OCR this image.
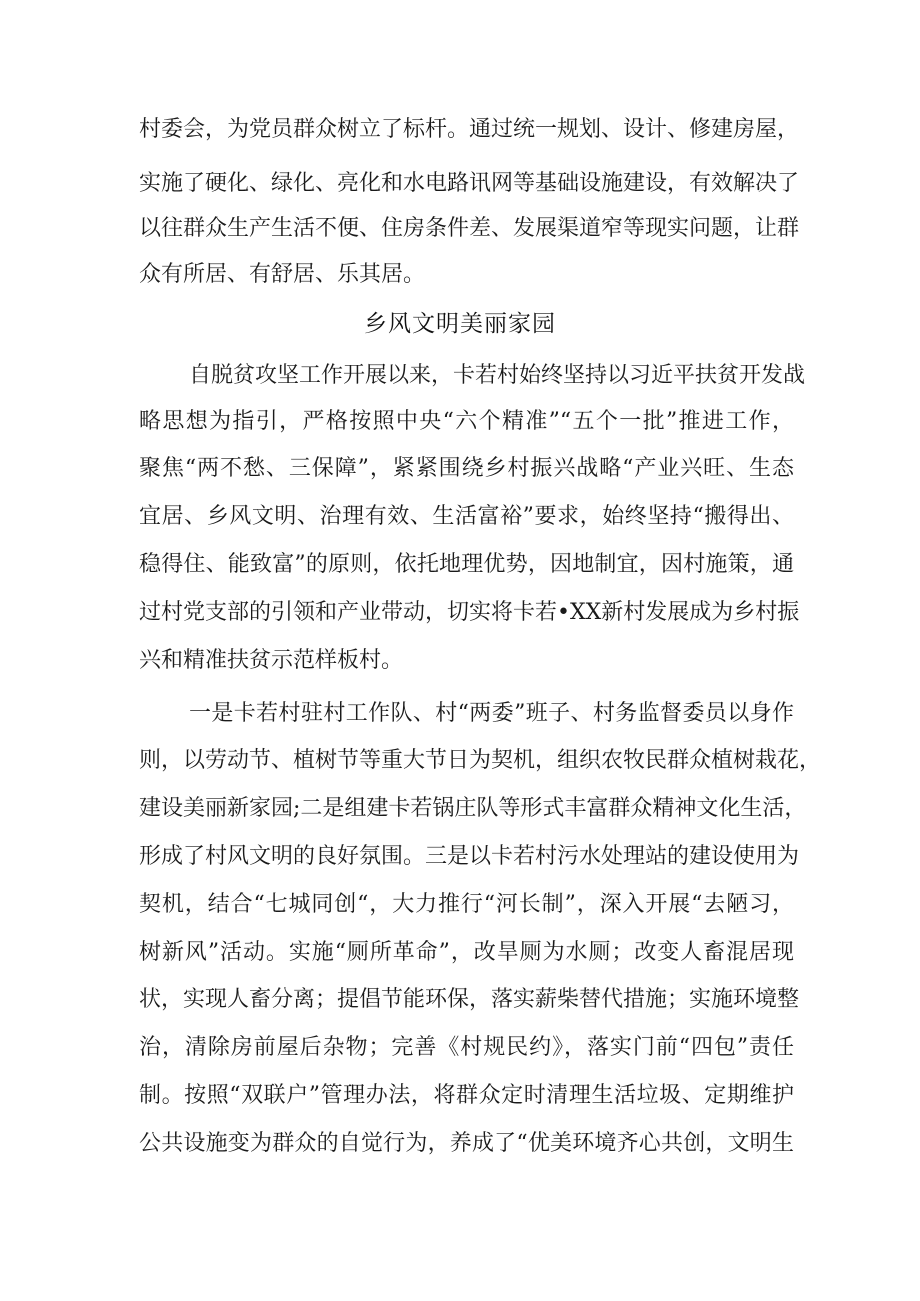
村委会，为党员群众树立了标杆。通过统一规划、设计、修建房屋，
实施了硬化、绿化、亮化和水电路讯网等基础设施建设，有效解决了
以往群众生产生活不便、住房条件差、发展渠道窄等现实问题，让群
众有所居、有舒居、乐其居。
乡风文明美丽家园
自脱贫攻坚工作开展以来，卡若村始终坚持以习近平扶贫开发战
略思想为指引，严格按照中央“六个精准”“五个一批”推进工作，
聚焦“两不愁、三保障”，紧紧围绕乡村振兴战略“产业兴旺、生态
宜居、乡风文明、治理有效、生活富裕”要求，始终坚持“搬得出、
稳得住、能致富”的原则，依托地理优势，因地制宜，因村施策，通
过村党支部的引领和产业带动，切实将卡若•XX新村发展成为乡村振
兴和精准扶贫示范样板村。
一是卡若村驻村工作队、村“两委”班子、村务监督委员以身作
则，以劳动节、植树节等重大节日为契机，组织农牧民群众植树栽花，
建设美丽新家园;二是组建卡若锅庄队等形式丰富群众精神文化生活，
形成了村风文明的良好氛围。三是以卡若村污水处理站的建设使用为
契机，结合“七城同创“，大力推行“河长制”，深入开展“去陋习，
树新风”活动。实施“厕所革命”，改旱厕为水厕；改变人畜混居现
状，实现人畜分离；提倡节能环保，落实薪柴替代措施；实施环境整
治，清除房前屋后杂物；完善《村规民约》，落实门前“四包”责任
制。按照“双联户”管理办法，将群众定时清理生活垃圾、定期维护
公共设施变为群众的自觉行为，养成了“优美环境齐心共创，文明生
